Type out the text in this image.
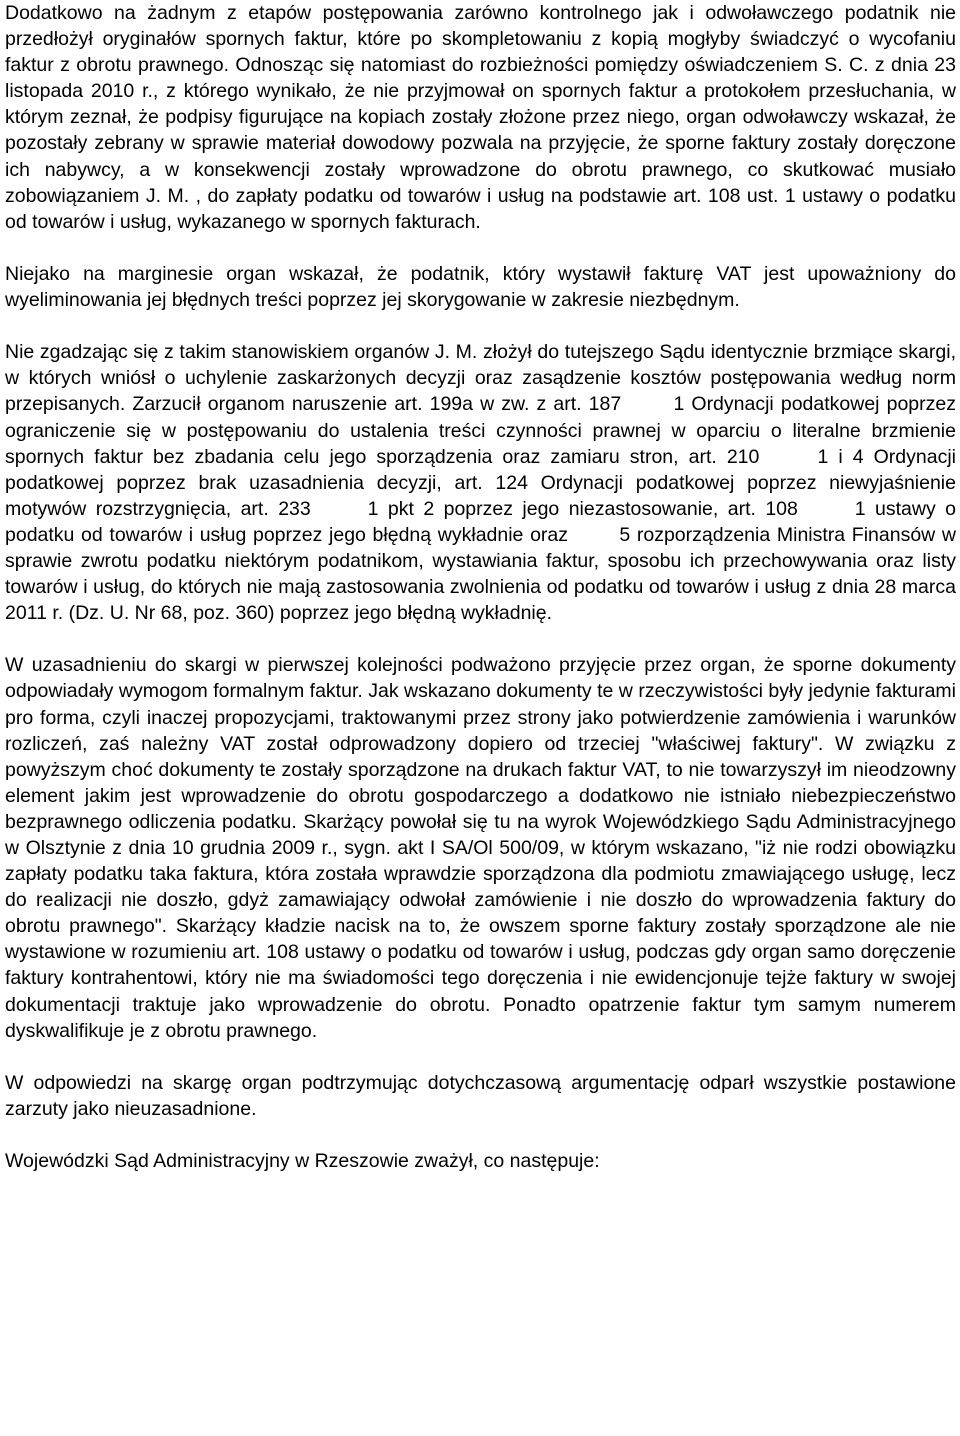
Dodatkowo na żadnym z etapów postępowania zarówno kontrolnego jak i odwoławczego podatnik nie przedłożył oryginałów spornych faktur, które po skompletowaniu z kopią mogłyby świadczyć o wycofaniu faktur z obrotu prawnego. Odnosząc się natomiast do rozbieżności pomiędzy oświadczeniem S. C. z dnia 23 listopada 2010 r., z którego wynikało, że nie przyjmował on spornych faktur a protokołem przesłuchania, w którym zeznał, że podpisy figurujące na kopiach zostały złożone przez niego, organ odwoławczy wskazał, że pozostały zebrany w sprawie materiał dowodowy pozwala na przyjęcie, że sporne faktury zostały doręczone ich nabywcy, a w konsekwencji zostały wprowadzone do obrotu prawnego, co skutkować musiało zobowiązaniem J. M. , do zapłaty podatku od towarów i usług na podstawie art. 108 ust. 1 ustawy o podatku od towarów i usług, wykazanego w spornych fakturach.

Niejako na marginesie organ wskazał, że podatnik, który wystawił fakturę VAT jest upoważniony do wyeliminowania jej błędnych treści poprzez jej skorygowanie w zakresie niezbędnym.

Nie zgadzając się z takim stanowiskiem organów J. M. złożył do tutejszego Sądu identycznie brzmiące skargi, w których wniósł o uchylenie zaskarżonych decyzji oraz zasądzenie kosztów postępowania według norm przepisanych. Zarzucił organom naruszenie art. 199a w zw. z art. 187	1 Ordynacji podatkowej poprzez ograniczenie się w postępowaniu do ustalenia treści czynności prawnej w oparciu o literalne brzmienie spornych faktur bez zbadania celu jego sporządzenia oraz zamiaru stron, art. 210	1 i 4 Ordynacji podatkowej poprzez brak uzasadnienia decyzji, art. 124 Ordynacji podatkowej poprzez niewyjaśnienie motywów rozstrzygnięcia, art. 233	1 pkt 2 poprzez jego niezastosowanie, art. 108	1 ustawy o podatku od towarów i usług poprzez jego błędną wykładnie oraz	5 rozporządzenia Ministra Finansów w sprawie zwrotu podatku niektórym podatnikom, wystawiania faktur, sposobu ich przechowywania oraz listy towarów i usług, do których nie mają zastosowania zwolnienia od podatku od towarów i usług z dnia 28 marca 2011 r. (Dz. U. Nr 68, poz. 360) poprzez jego błędną wykładnię.

W uzasadnieniu do skargi w pierwszej kolejności podważono przyjęcie przez organ, że sporne dokumenty odpowiadały wymogom formalnym faktur. Jak wskazano dokumenty te w rzeczywistości były jedynie fakturami pro forma, czyli inaczej propozycjami, traktowanymi przez strony jako potwierdzenie zamówienia i warunków rozliczeń, zaś należny VAT został odprowadzony dopiero od trzeciej "właściwej faktury". W związku z powyższym choć dokumenty te zostały sporządzone na drukach faktur VAT, to nie towarzyszył im nieodzowny element jakim jest wprowadzenie do obrotu gospodarczego a dodatkowo nie istniało niebezpieczeństwo bezprawnego odliczenia podatku. Skarżący powołał się tu na wyrok Wojewódzkiego Sądu Administracyjnego w Olsztynie z dnia 10 grudnia 2009 r., sygn. akt I SA/Ol 500/09, w którym wskazano, "iż nie rodzi obowiązku zapłaty podatku taka faktura, która została wprawdzie sporządzona dla podmiotu zmawiającego usługę, lecz do realizacji nie doszło, gdyż zamawiający odwołał zamówienie i nie doszło do wprowadzenia faktury do obrotu prawnego". Skarżący kładzie nacisk na to, że owszem sporne faktury zostały sporządzone ale nie wystawione w rozumieniu art. 108 ustawy o podatku od towarów i usług, podczas gdy organ samo doręczenie faktury kontrahentowi, który nie ma świadomości tego doręczenia i nie ewidencjonuje tejże faktury w swojej dokumentacji traktuje jako wprowadzenie do obrotu. Ponadto opatrzenie faktur tym samym numerem dyskwalifikuje je z obrotu prawnego.

W odpowiedzi na skargę organ podtrzymując dotychczasową argumentację odparł wszystkie postawione zarzuty jako nieuzasadnione.

Wojewódzki Sąd Administracyjny w Rzeszowie zważył, co następuje:
